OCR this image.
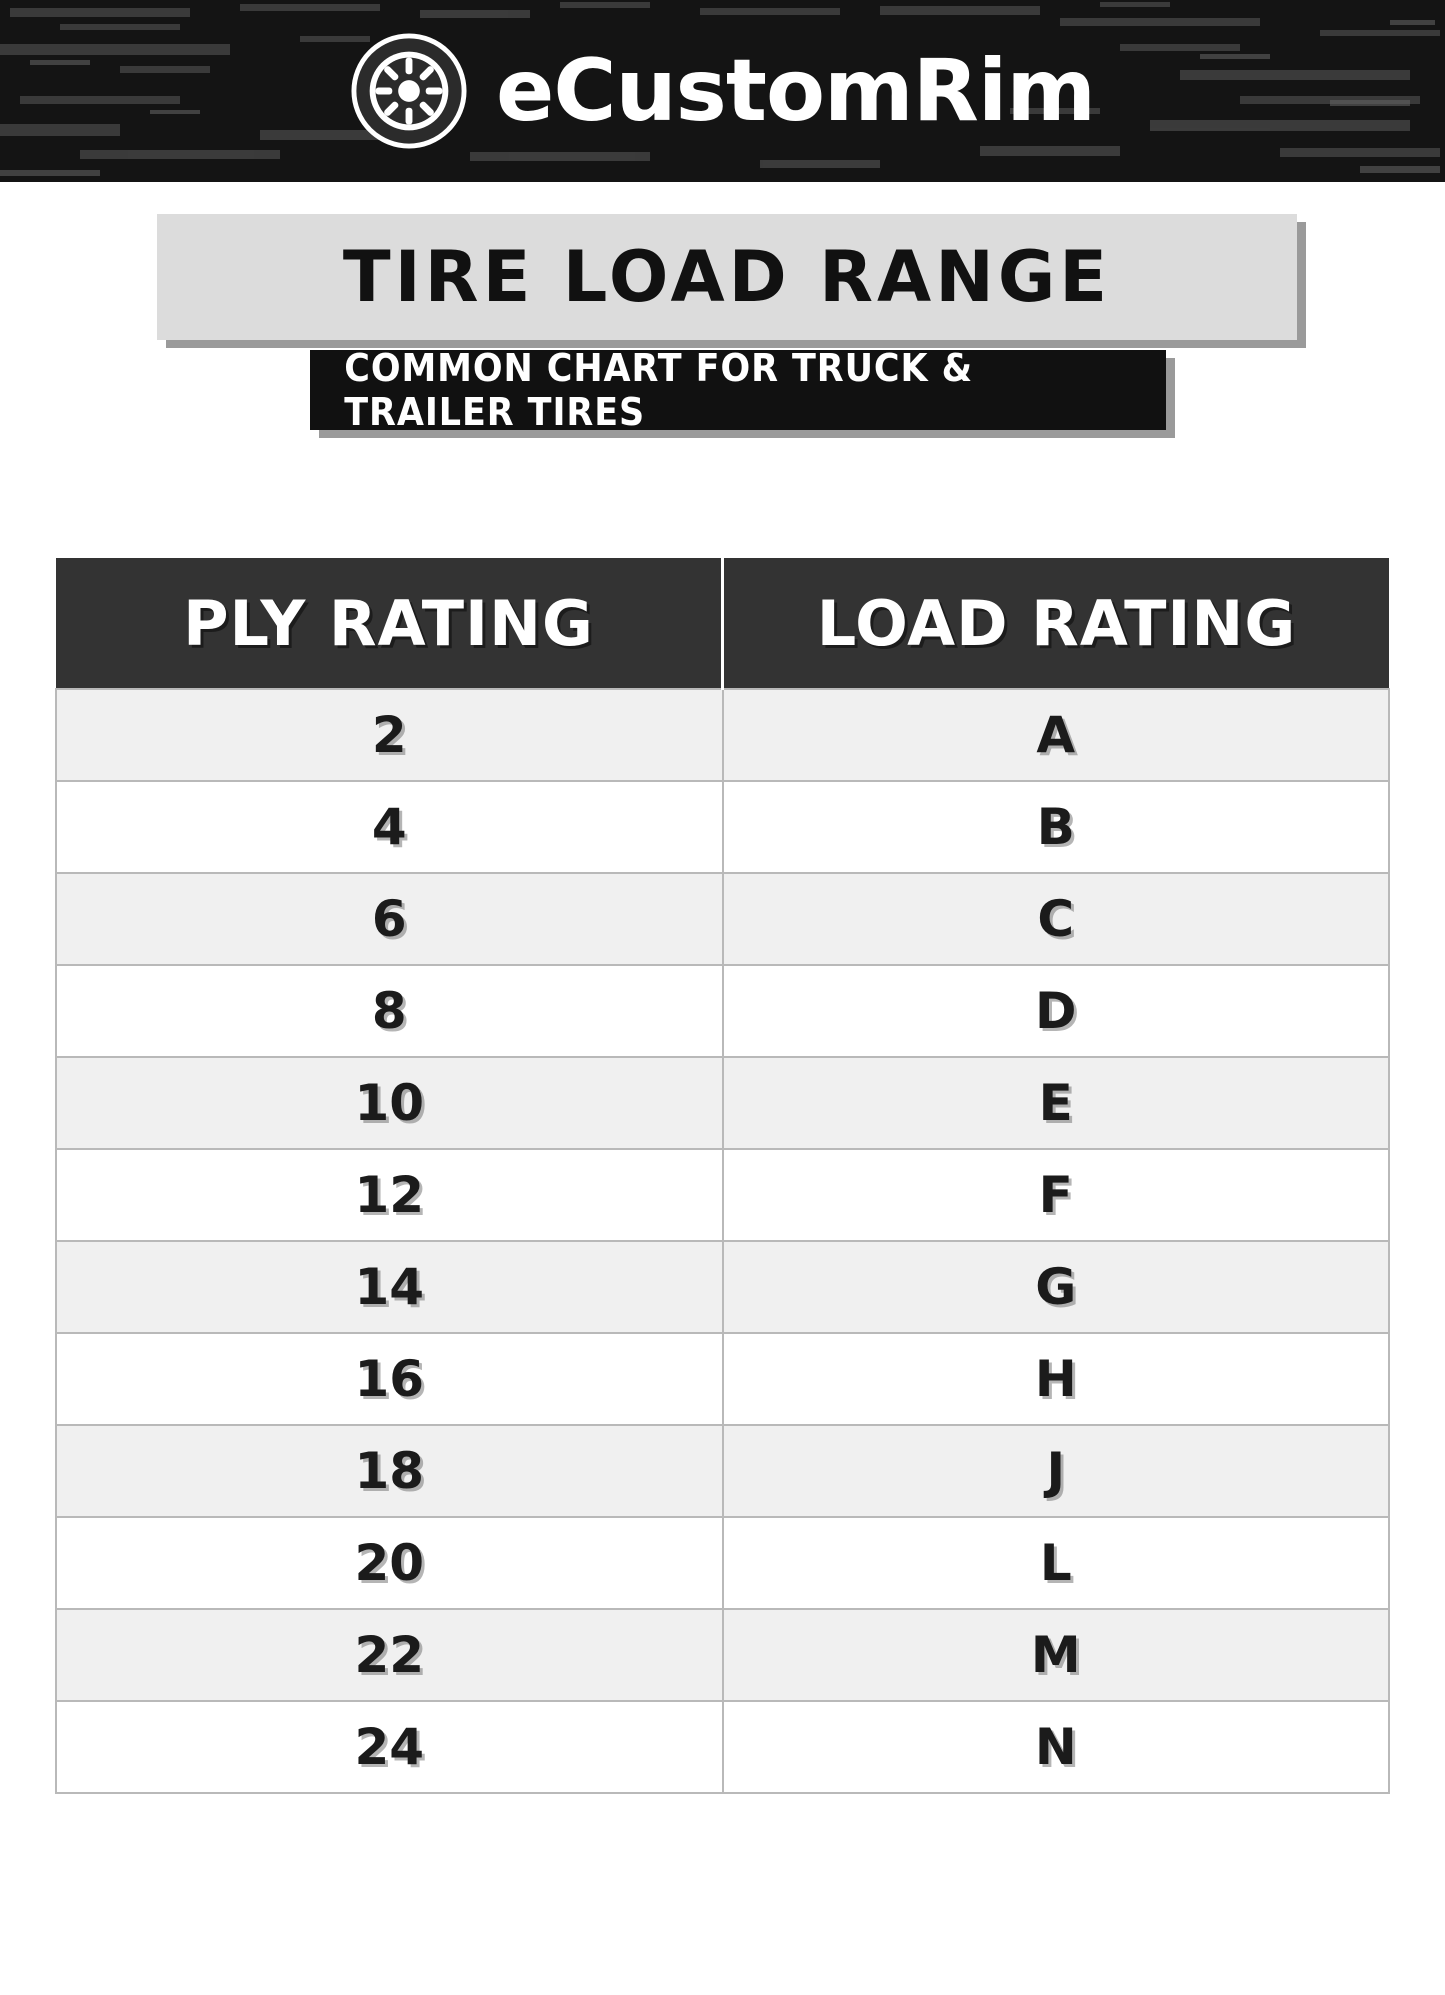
eCustomRim
TIRE LOAD RANGE
COMMON CHART FOR TRUCK & TRAILER TIRES
PLY RATING	LOAD RATING
2	A
4	B
6	C
8	D
10	E
12	F
14	G
16	H
18	J
20	L
22	M
24	N
